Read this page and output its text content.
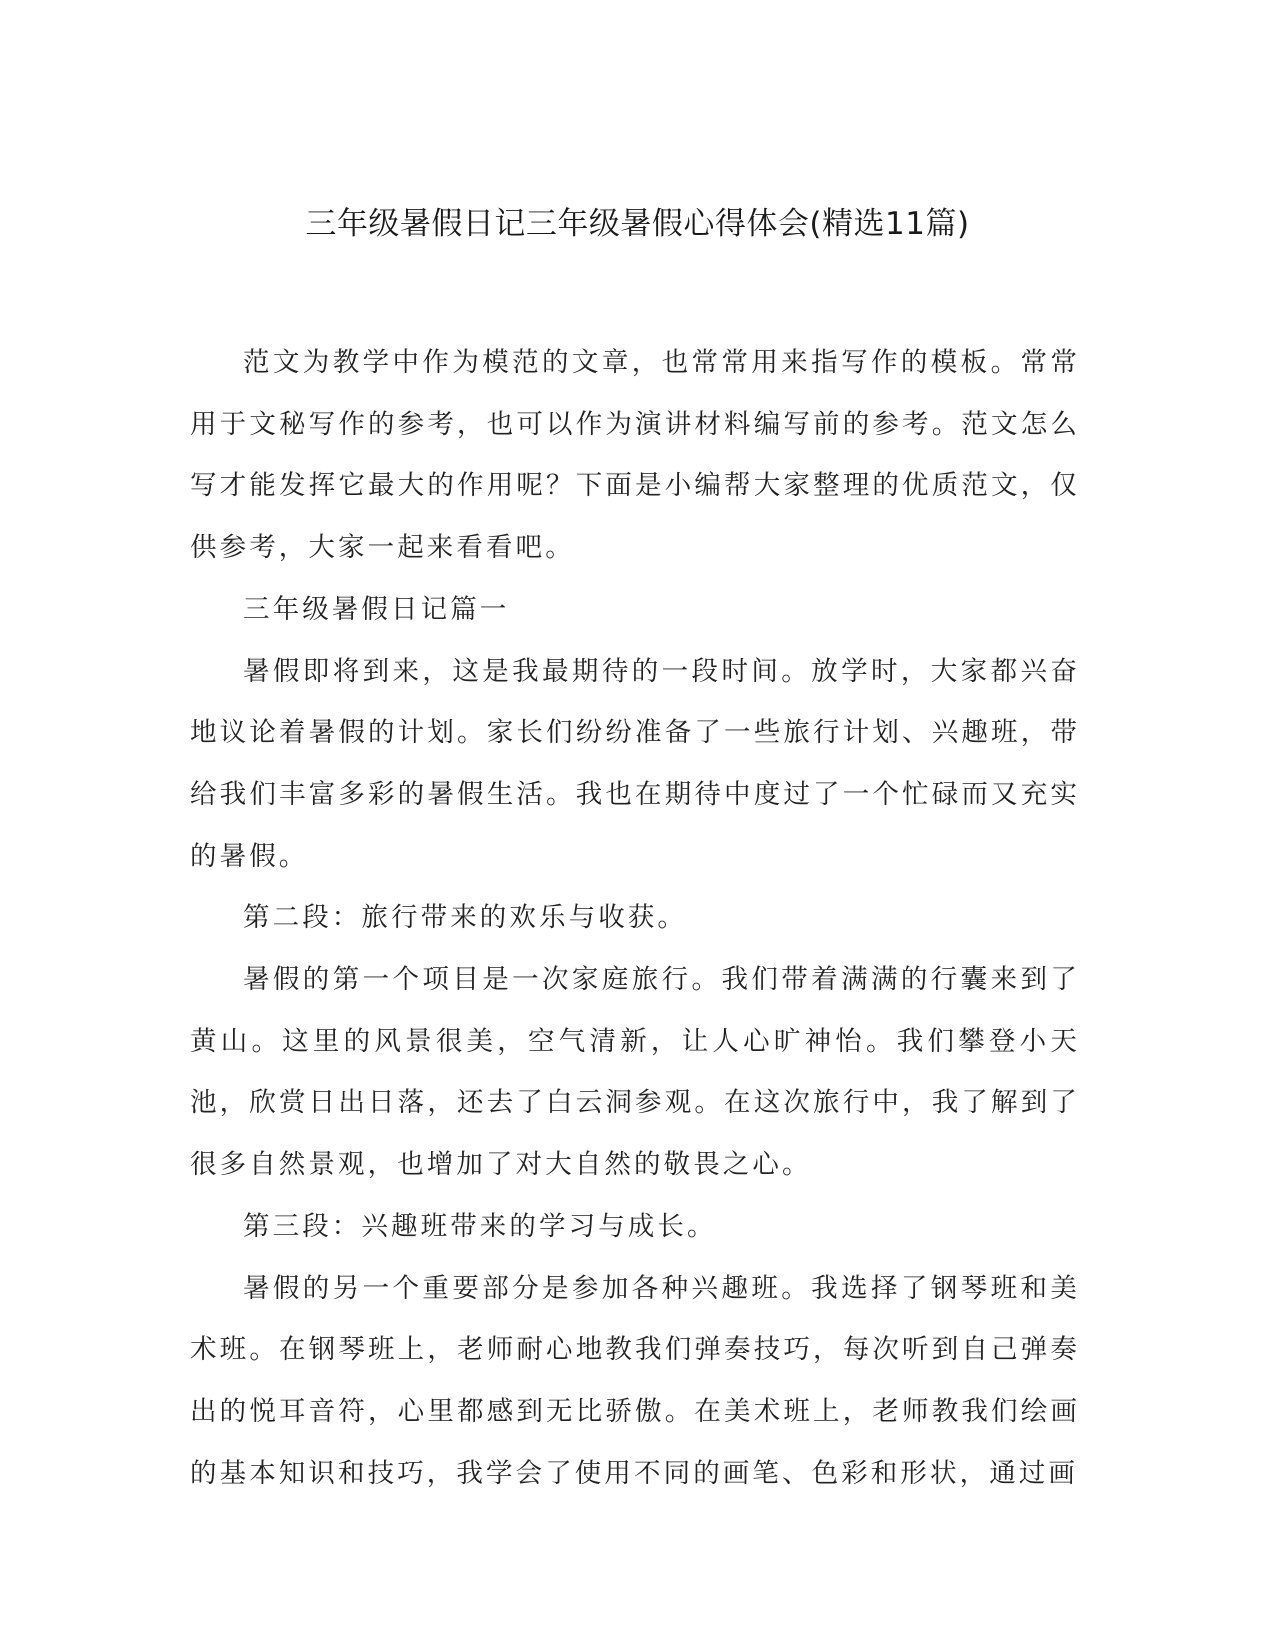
三年级暑假日记三年级暑假心得体会(精选11篇)

范文为教学中作为模范的文章，也常常用来指写作的模板。常常用于文秘写作的参考，也可以作为演讲材料编写前的参考。范文怎么写才能发挥它最大的作用呢？下面是小编帮大家整理的优质范文，仅供参考，大家一起来看看吧。

三年级暑假日记篇一

暑假即将到来，这是我最期待的一段时间。放学时，大家都兴奋地议论着暑假的计划。家长们纷纷准备了一些旅行计划、兴趣班，带给我们丰富多彩的暑假生活。我也在期待中度过了一个忙碌而又充实的暑假。

第二段：旅行带来的欢乐与收获。

暑假的第一个项目是一次家庭旅行。我们带着满满的行囊来到了黄山。这里的风景很美，空气清新，让人心旷神怡。我们攀登小天池，欣赏日出日落，还去了白云洞参观。在这次旅行中，我了解到了很多自然景观，也增加了对大自然的敬畏之心。

第三段：兴趣班带来的学习与成长。

暑假的另一个重要部分是参加各种兴趣班。我选择了钢琴班和美术班。在钢琴班上，老师耐心地教我们弹奏技巧，每次听到自己弹奏出的悦耳音符，心里都感到无比骄傲。在美术班上，老师教我们绘画的基本知识和技巧，我学会了使用不同的画笔、色彩和形状，通过画
